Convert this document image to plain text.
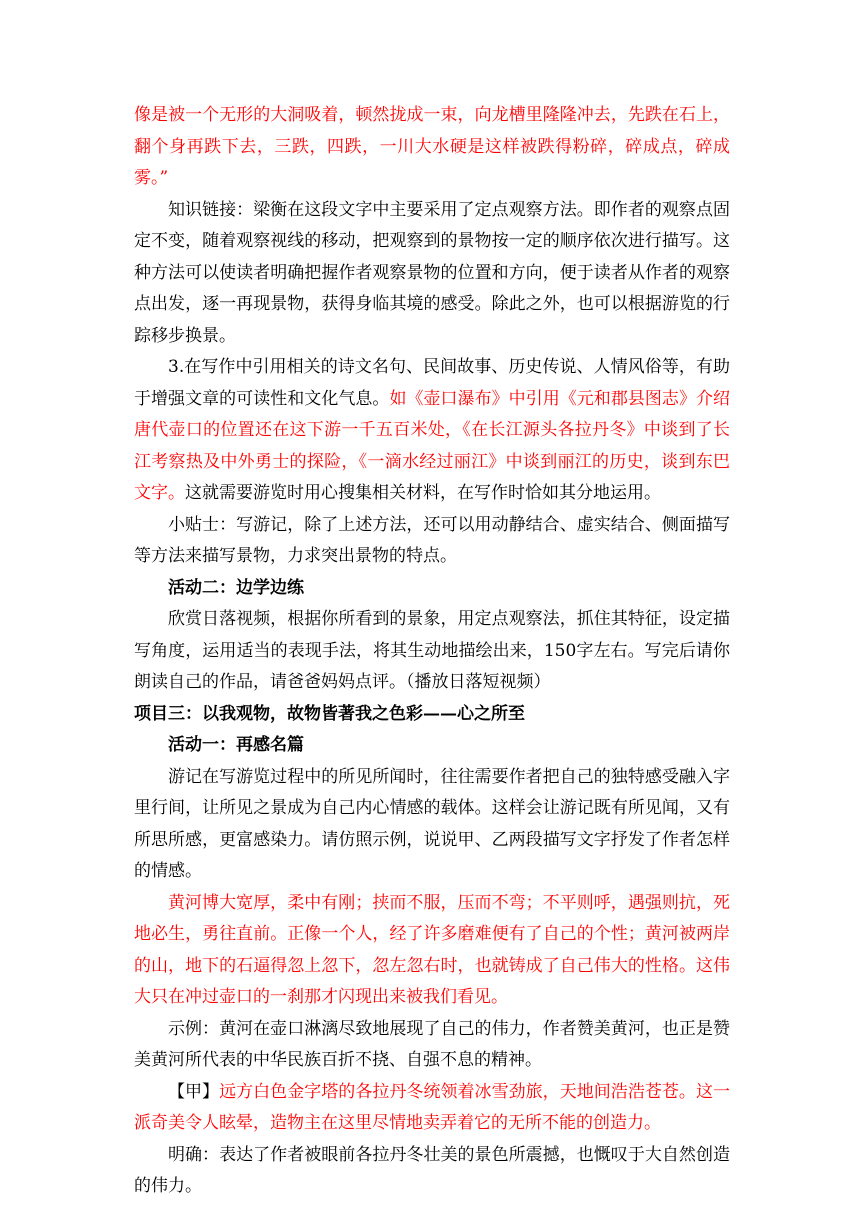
像是被一个无形的大洞吸着，顿然拢成一束，向龙槽里隆隆冲去，先跌在石上，翻个身再跌下去，三跌，四跌，一川大水硬是这样被跌得粉碎，碎成点，碎成雾。”

知识链接：梁衡在这段文字中主要采用了定点观察方法。即作者的观察点固定不变，随着观察视线的移动，把观察到的景物按一定的顺序依次进行描写。这种方法可以使读者明确把握作者观察景物的位置和方向，便于读者从作者的观察点出发，逐一再现景物，获得身临其境的感受。除此之外，也可以根据游览的行踪移步换景。

3.在写作中引用相关的诗文名句、民间故事、历史传说、人情风俗等，有助于增强文章的可读性和文化气息。如《壶口瀑布》中引用《元和郡县图志》介绍唐代壶口的位置还在这下游一千五百米处，《在长江源头各拉丹冬》中谈到了长江考察热及中外勇士的探险，《一滴水经过丽江》中谈到丽江的历史，谈到东巴文字。这就需要游览时用心搜集相关材料，在写作时恰如其分地运用。

小贴士：写游记，除了上述方法，还可以用动静结合、虚实结合、侧面描写等方法来描写景物，力求突出景物的特点。

活动二：边学边练

欣赏日落视频，根据你所看到的景象，用定点观察法，抓住其特征，设定描写角度，运用适当的表现手法，将其生动地描绘出来，150字左右。写完后请你朗读自己的作品，请爸爸妈妈点评。（播放日落短视频）

项目三：以我观物，故物皆著我之色彩——心之所至

活动一：再感名篇

游记在写游览过程中的所见所闻时，往往需要作者把自己的独特感受融入字里行间，让所见之景成为自己内心情感的载体。这样会让游记既有所见闻，又有所思所感，更富感染力。请仿照示例，说说甲、乙两段描写文字抒发了作者怎样的情感。

黄河博大宽厚，柔中有刚；挟而不服，压而不弯；不平则呼，遇强则抗，死地必生，勇往直前。正像一个人，经了许多磨难便有了自己的个性；黄河被两岸的山，地下的石逼得忽上忽下，忽左忽右时，也就铸成了自己伟大的性格。这伟大只在冲过壶口的一刹那才闪现出来被我们看见。

示例：黄河在壶口淋漓尽致地展现了自己的伟力，作者赞美黄河，也正是赞美黄河所代表的中华民族百折不挠、自强不息的精神。

【甲】远方白色金字塔的各拉丹冬统领着冰雪劲旅，天地间浩浩苍苍。这一派奇美令人眩晕，造物主在这里尽情地卖弄着它的无所不能的创造力。

明确：表达了作者被眼前各拉丹冬壮美的景色所震撼，也慨叹于大自然创造的伟力。
